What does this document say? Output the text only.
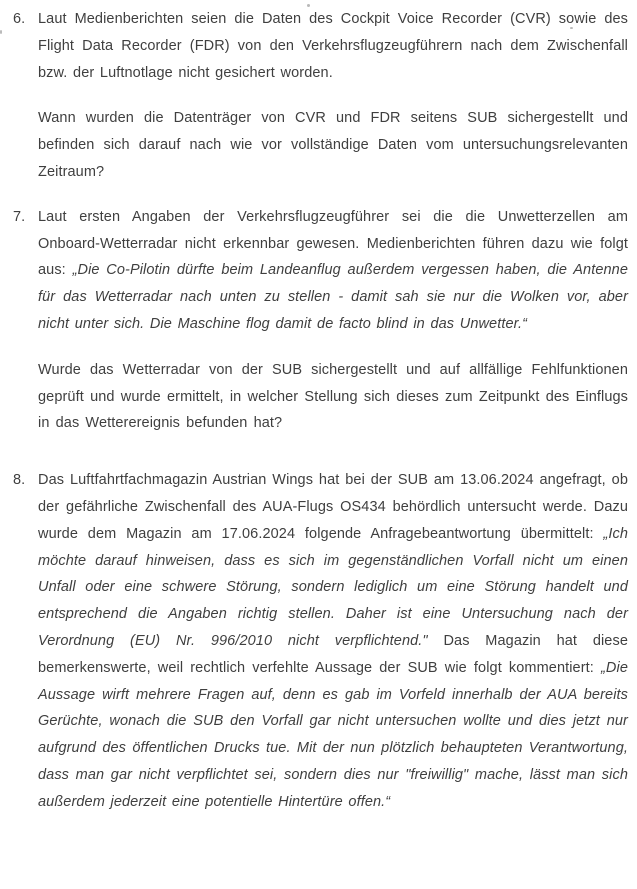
6. Laut Medienberichten seien die Daten des Cockpit Voice Recorder (CVR) sowie des Flight Data Recorder (FDR) von den Verkehrsflugzeugführern nach dem Zwischenfall bzw. der Luftnotlage nicht gesichert worden.

Wann wurden die Datenträger von CVR und FDR seitens SUB sichergestellt und befinden sich darauf nach wie vor vollständige Daten vom untersuchungsrelevanten Zeitraum?

7. Laut ersten Angaben der Verkehrsflugzeugführer sei die die Unwetterzellen am Onboard-Wetterradar nicht erkennbar gewesen. Medienberichten führen dazu wie folgt aus: „Die Co-Pilotin dürfte beim Landeanflug außerdem vergessen haben, die Antenne für das Wetterradar nach unten zu stellen - damit sah sie nur die Wolken vor, aber nicht unter sich. Die Maschine flog damit de facto blind in das Unwetter.“

Wurde das Wetterradar von der SUB sichergestellt und auf allfällige Fehlfunktionen geprüft und wurde ermittelt, in welcher Stellung sich dieses zum Zeitpunkt des Einflugs in das Wetterereignis befunden hat?

8. Das Luftfahrtfachmagazin Austrian Wings hat bei der SUB am 13.06.2024 angefragt, ob der gefährliche Zwischenfall des AUA-Flugs OS434 behördlich untersucht werde. Dazu wurde dem Magazin am 17.06.2024 folgende Anfragebeantwortung übermittelt: „Ich möchte darauf hinweisen, dass es sich im gegenständlichen Vorfall nicht um einen Unfall oder eine schwere Störung, sondern lediglich um eine Störung handelt und entsprechend die Angaben richtig stellen. Daher ist eine Untersuchung nach der Verordnung (EU) Nr. 996/2010 nicht verpflichtend." Das Magazin hat diese bemerkenswerte, weil rechtlich verfehlte Aussage der SUB wie folgt kommentiert: „Die Aussage wirft mehrere Fragen auf, denn es gab im Vorfeld innerhalb der AUA bereits Gerüchte, wonach die SUB den Vorfall gar nicht untersuchen wollte und dies jetzt nur aufgrund des öffentlichen Drucks tue. Mit der nun plötzlich behaupteten Verantwortung, dass man gar nicht verpflichtet sei, sondern dies nur "freiwillig" mache, lässt man sich außerdem jederzeit eine potentielle Hintertüre offen.“
